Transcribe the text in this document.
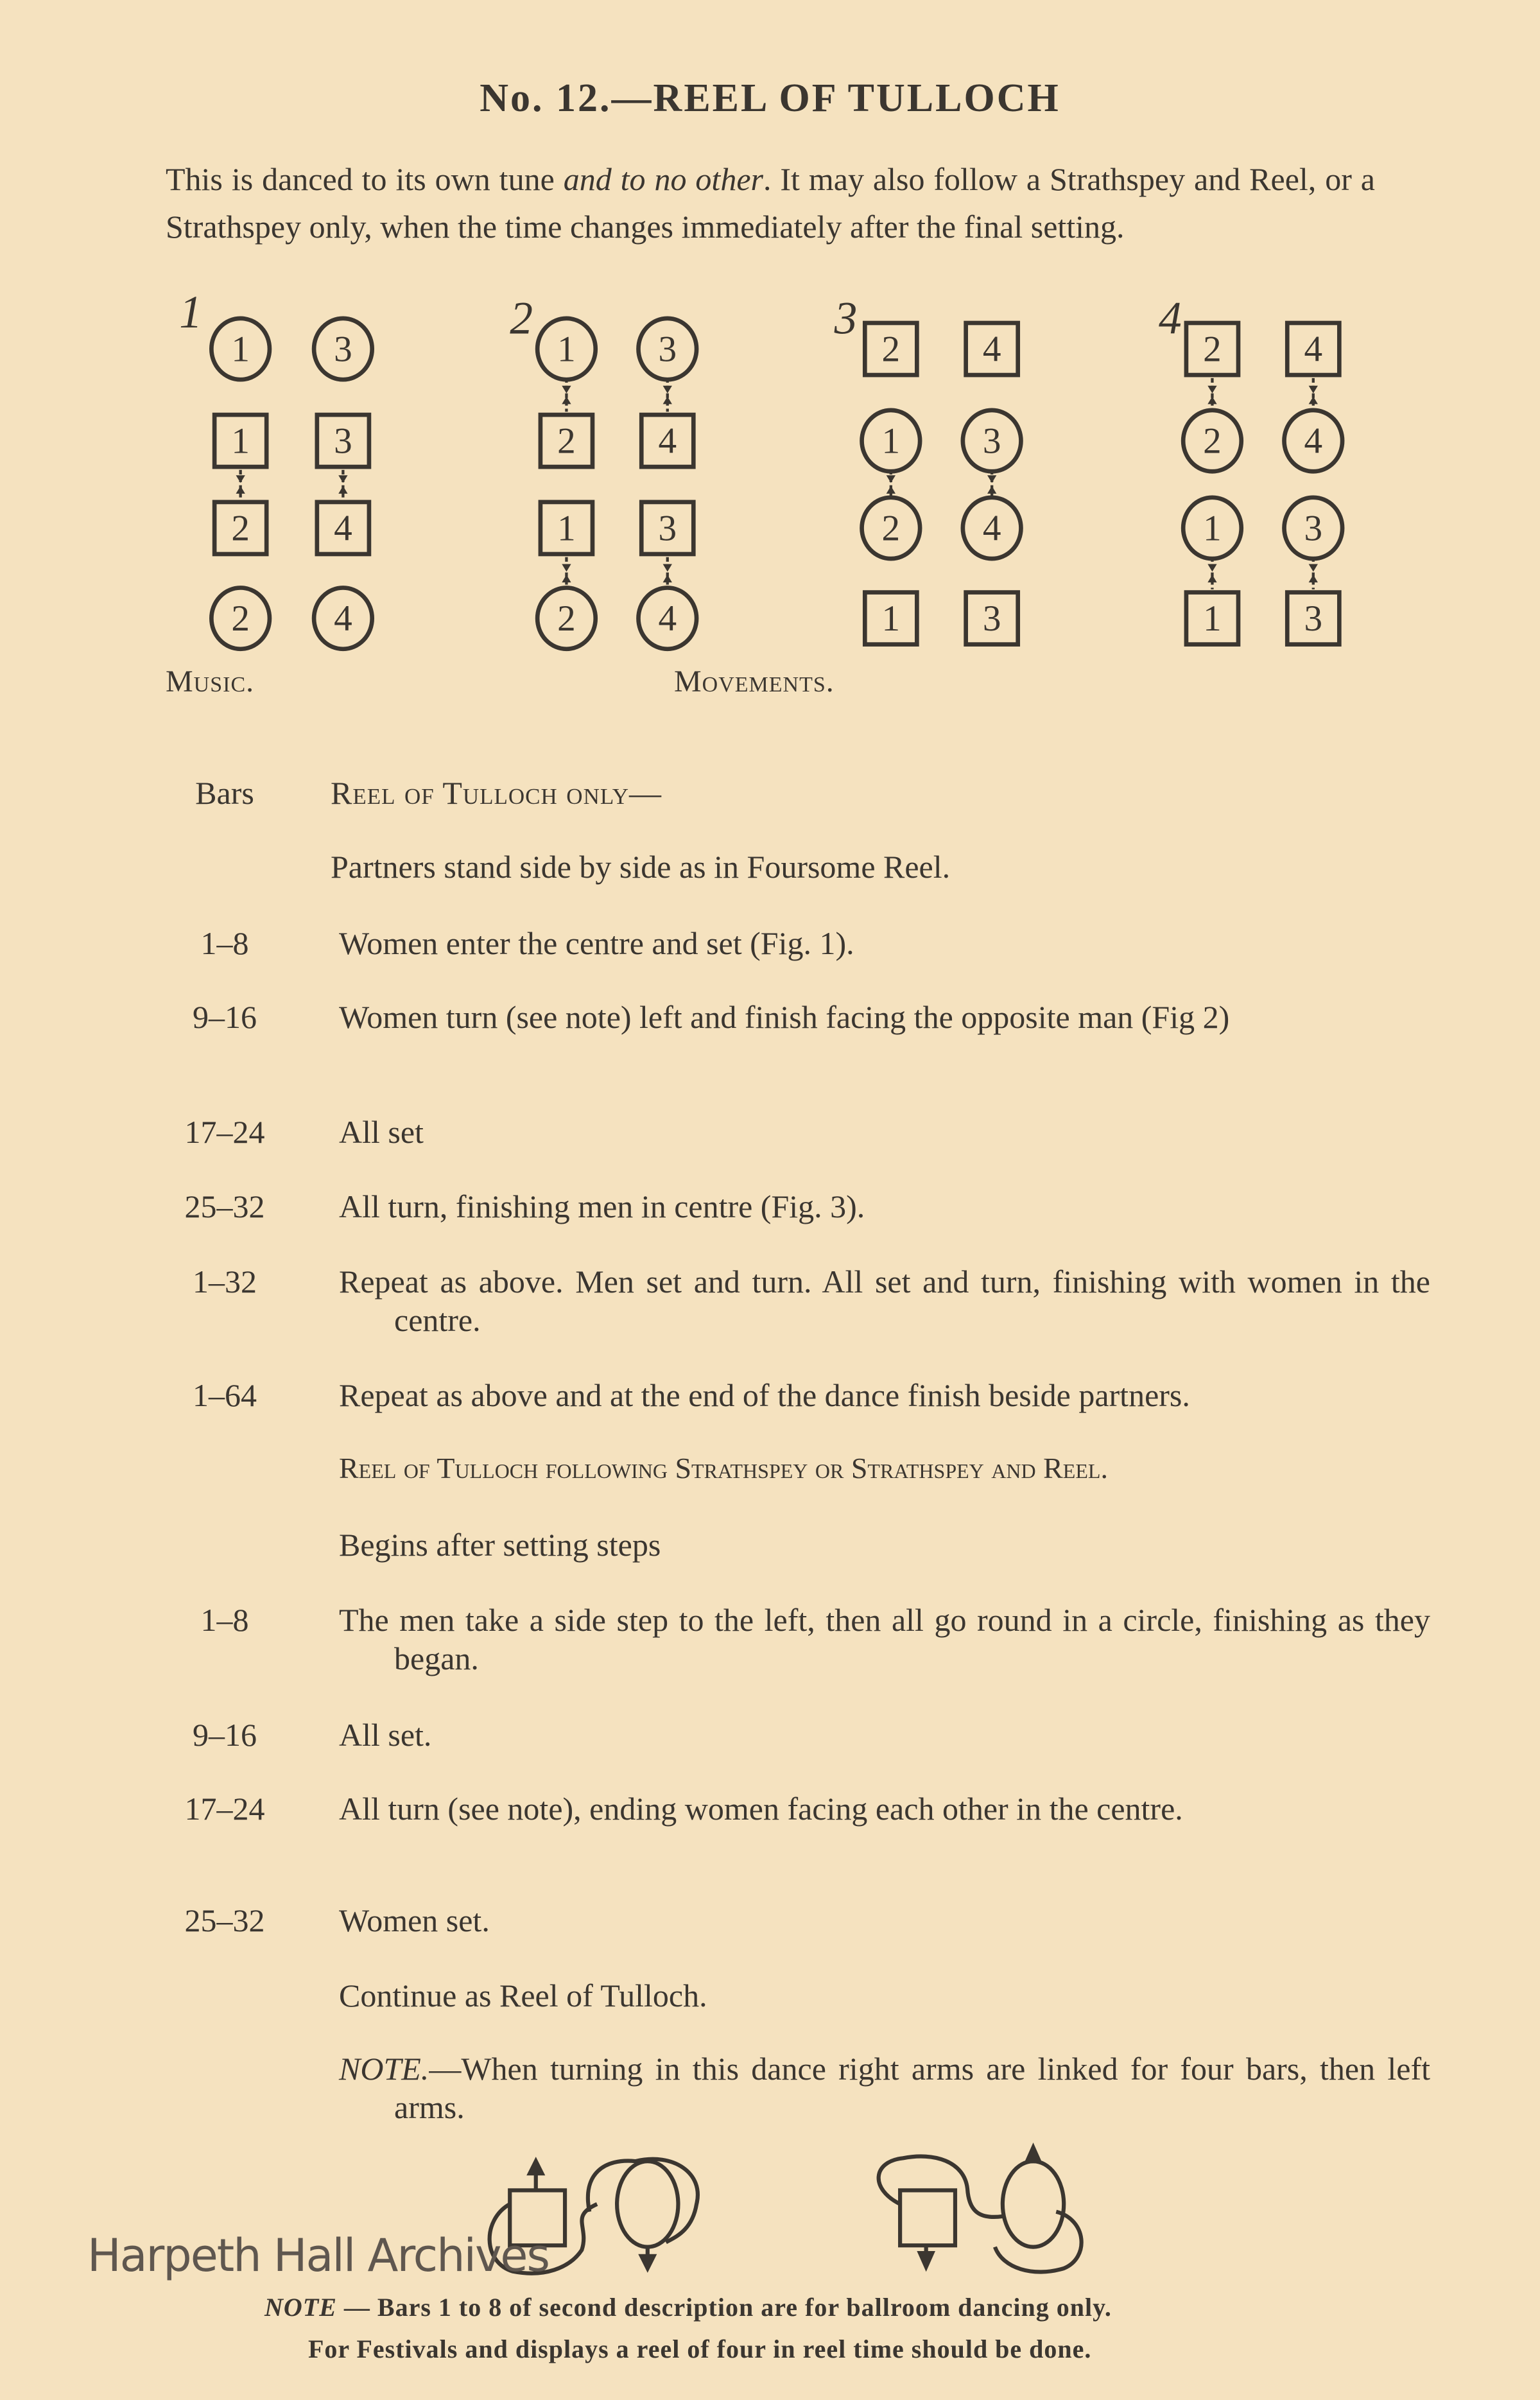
No. 12.—REEL OF TULLOCH
This is danced to its own tune and to no other. It may also follow a Strathspey and Reel, or a Strathspey only, when the time changes immediately after the final setting.
1
1
1
2
2
3
3
4
4
2
1
2
1
2
3
4
3
4
3
2
1
2
1
4
3
4
3
4
2
2
1
1
4
4
3
3
Music.	Movements.
Bars	Reel of Tulloch only—
Partners stand side by side as in Foursome Reel.
1–8	Women enter the centre and set (Fig. 1).
9–16	Women turn (see note) left and finish facing the opposite man (Fig 2)
17–24	All set
25–32	All turn, finishing men in centre (Fig. 3).
1–32	Repeat as above. Men set and turn. All set and turn, finishing with women in the centre.
1–64	Repeat as above and at the end of the dance finish beside partners.
Reel of Tulloch following Strathspey or Strathspey and Reel.
Begins after setting steps
1–8	The men take a side step to the left, then all go round in a circle, finishing as they began.
9–16	All set.
17–24	All turn (see note), ending women facing each other in the centre.
25–32	Women set.
Continue as Reel of Tulloch.
NOTE.—When turning in this dance right arms are linked for four bars, then left arms.
Harpeth Hall Archives
NOTE — Bars 1 to 8 of second description are for ballroom dancing only.
For Festivals and displays a reel of four in reel time should be done.
